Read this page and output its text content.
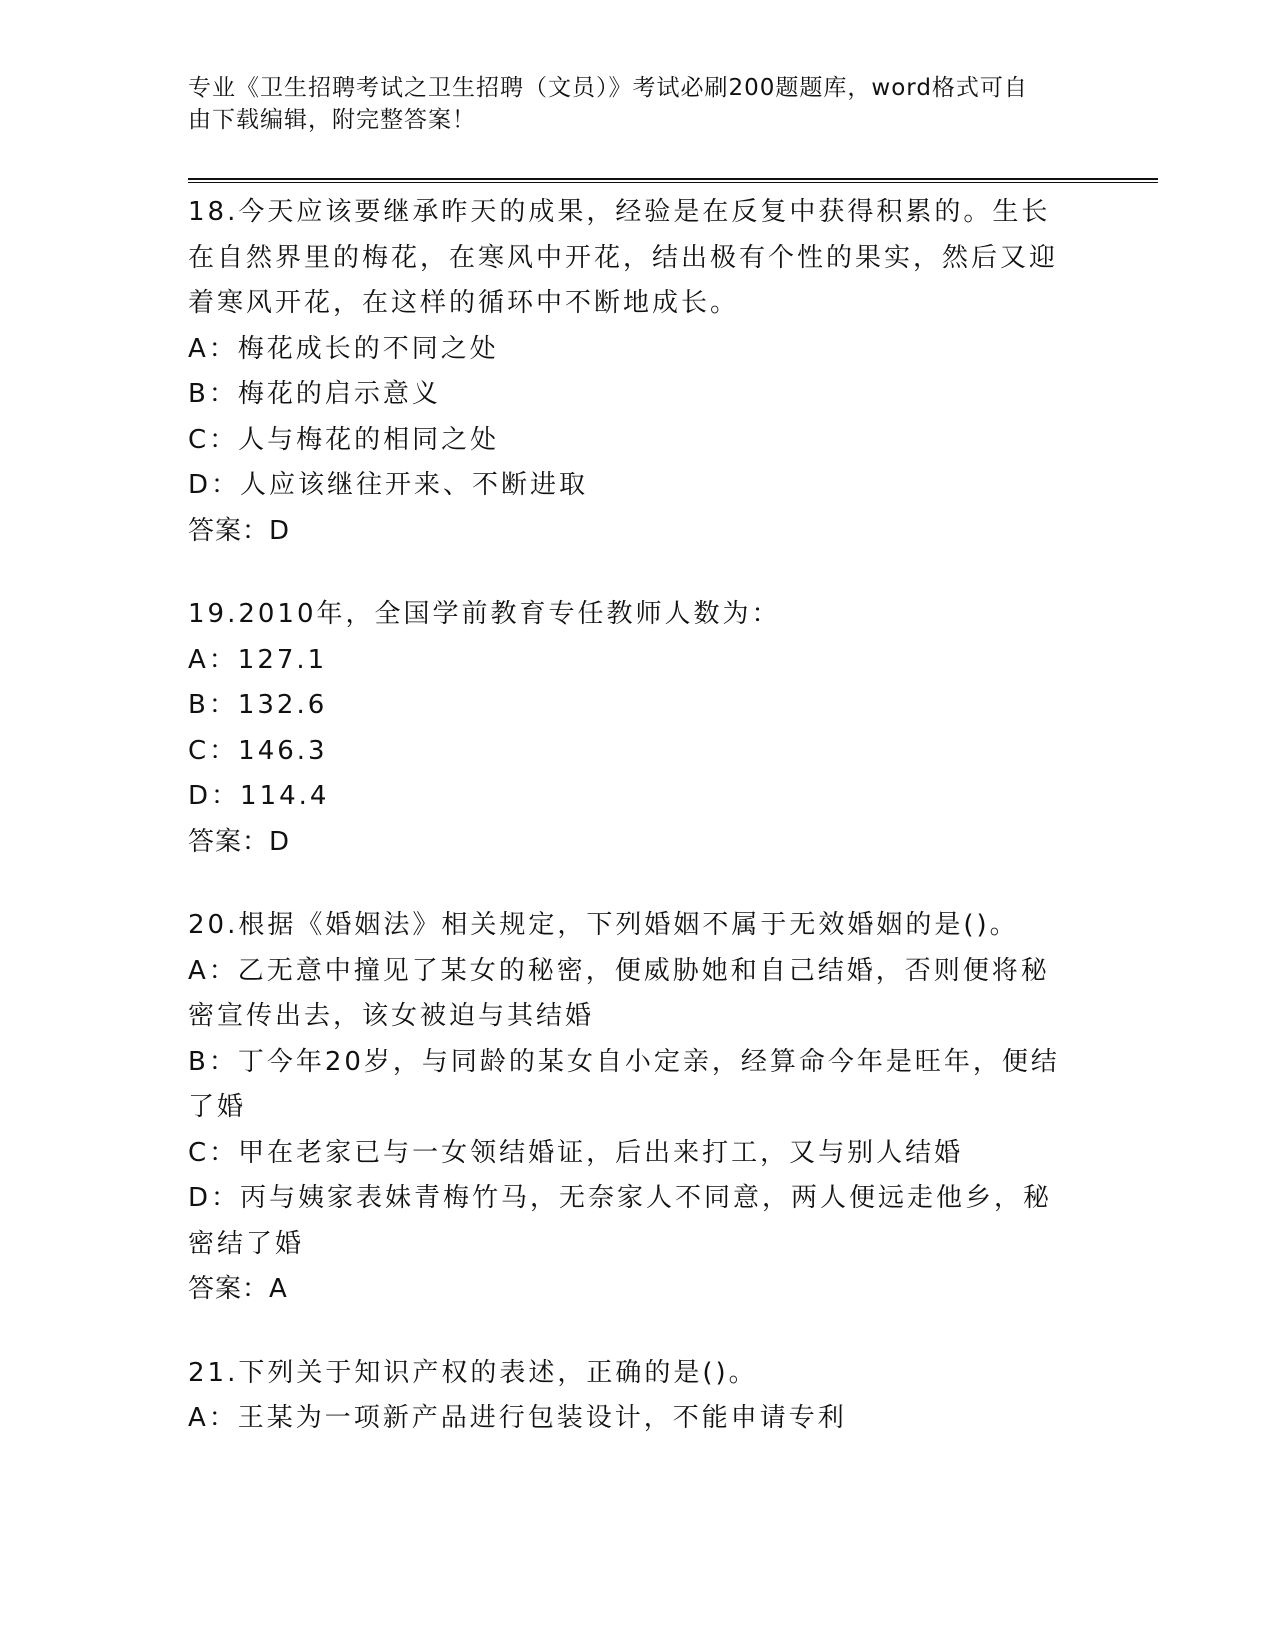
专业《卫生招聘考试之卫生招聘（文员）》考试必刷200题题库，word格式可自
由下载编辑，附完整答案！
18.今天应该要继承昨天的成果，经验是在反复中获得积累的。生长在自然界里的梅花，在寒风中开花，结出极有个性的果实，然后又迎着寒风开花，在这样的循环中不断地成长。
A：梅花成长的不同之处
B：梅花的启示意义
C：人与梅花的相同之处
D：人应该继往开来、不断进取
答案：D
19.2010年，全国学前教育专任教师人数为：
A：127.1
B：132.6
C：146.3
D：114.4
答案：D
20.根据《婚姻法》相关规定，下列婚姻不属于无效婚姻的是()。
A：乙无意中撞见了某女的秘密，便威胁她和自己结婚，否则便将秘密宣传出去，该女被迫与其结婚
B：丁今年20岁，与同龄的某女自小定亲，经算命今年是旺年，便结了婚
C：甲在老家已与一女领结婚证，后出来打工，又与别人结婚
D：丙与姨家表妹青梅竹马，无奈家人不同意，两人便远走他乡，秘密结了婚
答案：A
21.下列关于知识产权的表述，正确的是()。
A：王某为一项新产品进行包装设计，不能申请专利
